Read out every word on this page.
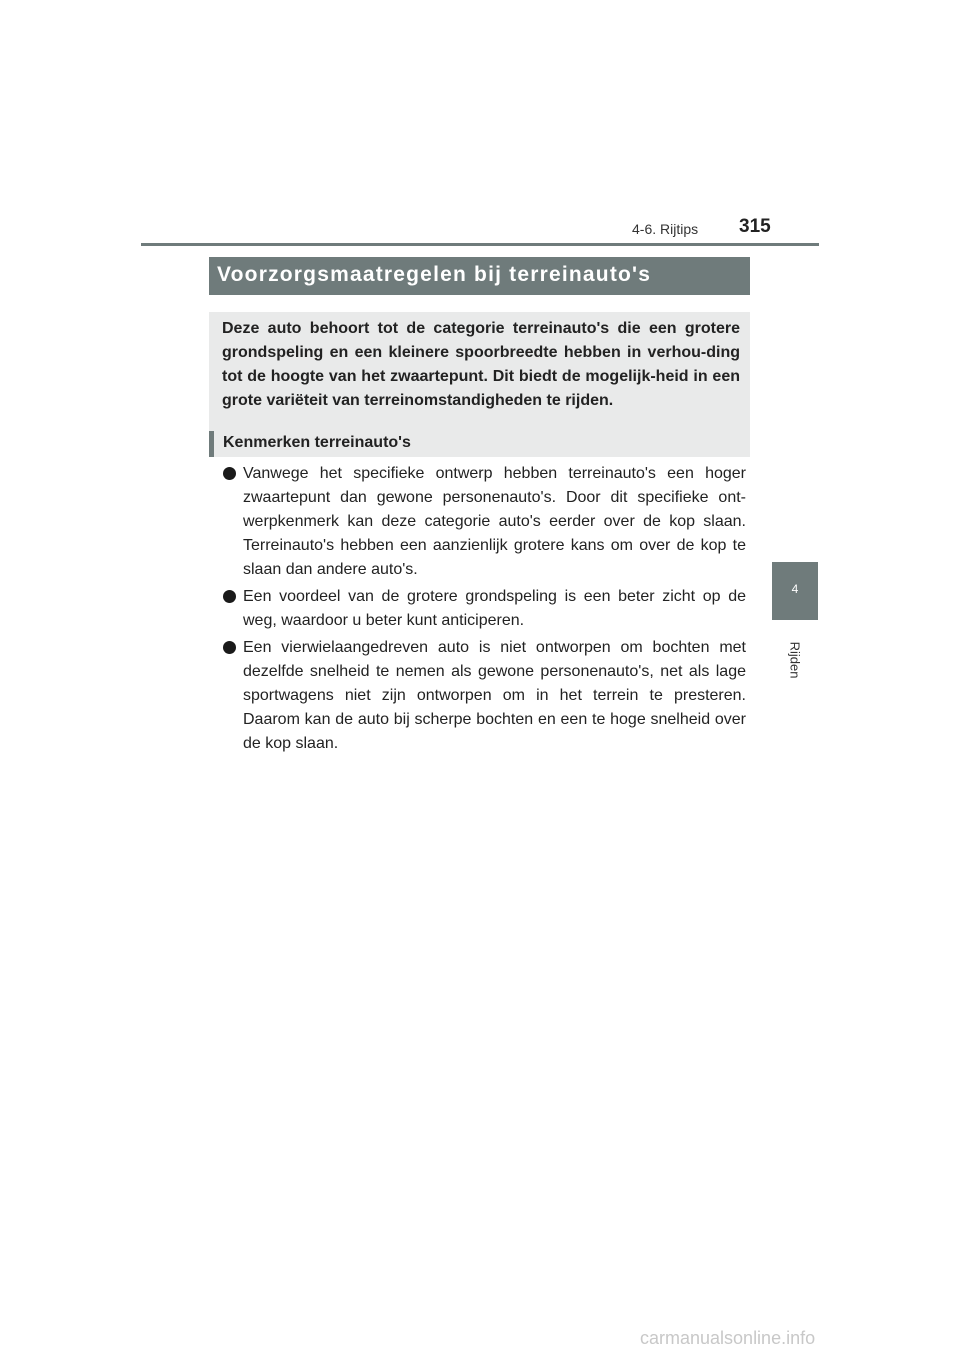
4-6. Rijtips 315
4
Rijden
Voorzorgsmaatregelen bij terreinauto's

Deze auto behoort tot de categorie terreinauto's die een grotere grondspeling en een kleinere spoorbreedte hebben in verhou-ding tot de hoogte van het zwaartepunt. Dit biedt de mogelijk-heid in een grote variëteit van terreinomstandigheden te rijden.

Kenmerken terreinauto's
Vanwege het specifieke ontwerp hebben terreinauto's een hoger zwaartepunt dan gewone personenauto's. Door dit specifieke ont-werpkenmerk kan deze categorie auto's eerder over de kop slaan. Terreinauto's hebben een aanzienlijk grotere kans om over de kop te slaan dan andere auto's.
Een voordeel van de grotere grondspeling is een beter zicht op de weg, waardoor u beter kunt anticiperen.
Een vierwielaangedreven auto is niet ontworpen om bochten met dezelfde snelheid te nemen als gewone personenauto's, net als lage sportwagens niet zijn ontworpen om in het terrein te presteren. Daarom kan de auto bij scherpe bochten en een te hoge snelheid over de kop slaan.
carmanualsonline.info
